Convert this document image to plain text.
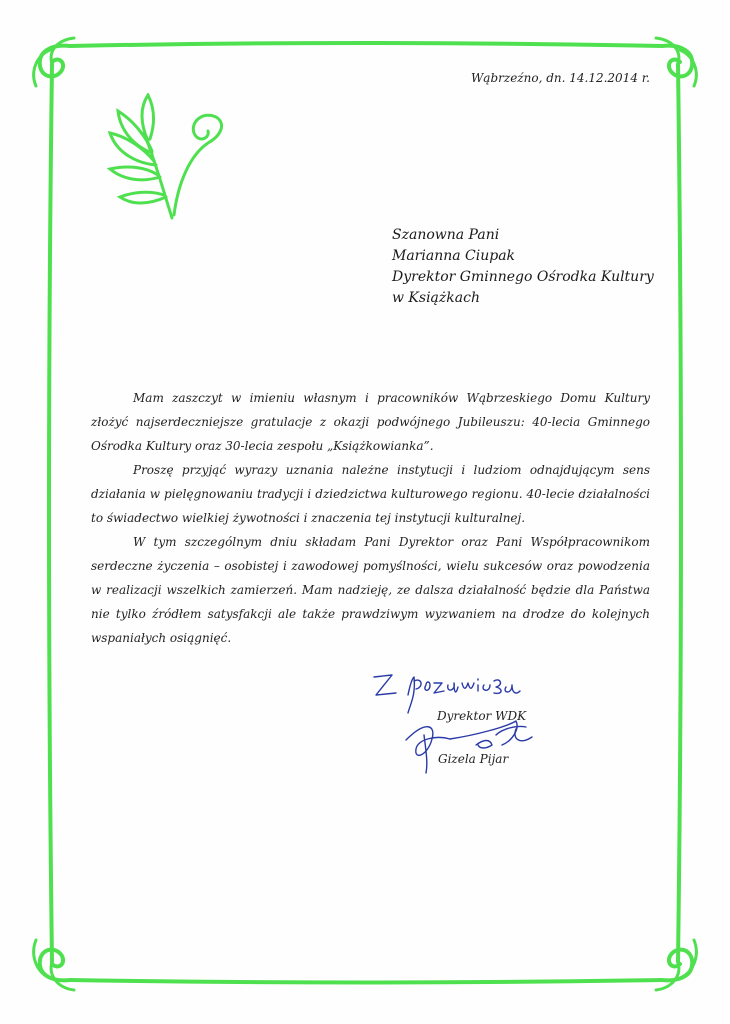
Wąbrzeźno, dn. 14.12.2014 r.
Szanowna Pani
Marianna Ciupak
Dyrektor Gminnego Ośrodka Kultury
w Książkach

Mam zaszczyt w imieniu własnym i pracowników Wąbrzeskiego Domu Kultury złożyć najserdeczniejsze gratulacje z okazji podwójnego Jubileuszu: 40-lecia Gminnego Ośrodka Kultury oraz 30-lecia zespołu „Książkowianka”.

Proszę przyjąć wyrazy uznania należne instytucji i ludziom odnajdującym sens działania w pielęgnowaniu tradycji i dziedzictwa kulturowego regionu. 40-lecie działalności to świadectwo wielkiej żywotności i znaczenia tej instytucji kulturalnej.

W tym szczególnym dniu składam Pani Dyrektor oraz Pani Współpracownikom serdeczne życzenia – osobistej i zawodowej pomyślności, wielu sukcesów oraz powodzenia w realizacji wszelkich zamierzeń. Mam nadzieję, ze dalsza działalność będzie dla Państwa nie tylko źródłem satysfakcji ale także prawdziwym wyzwaniem na drodze do kolejnych wspaniałych osiągnięć.

Dyrektor WDK
Gizela Pijar
